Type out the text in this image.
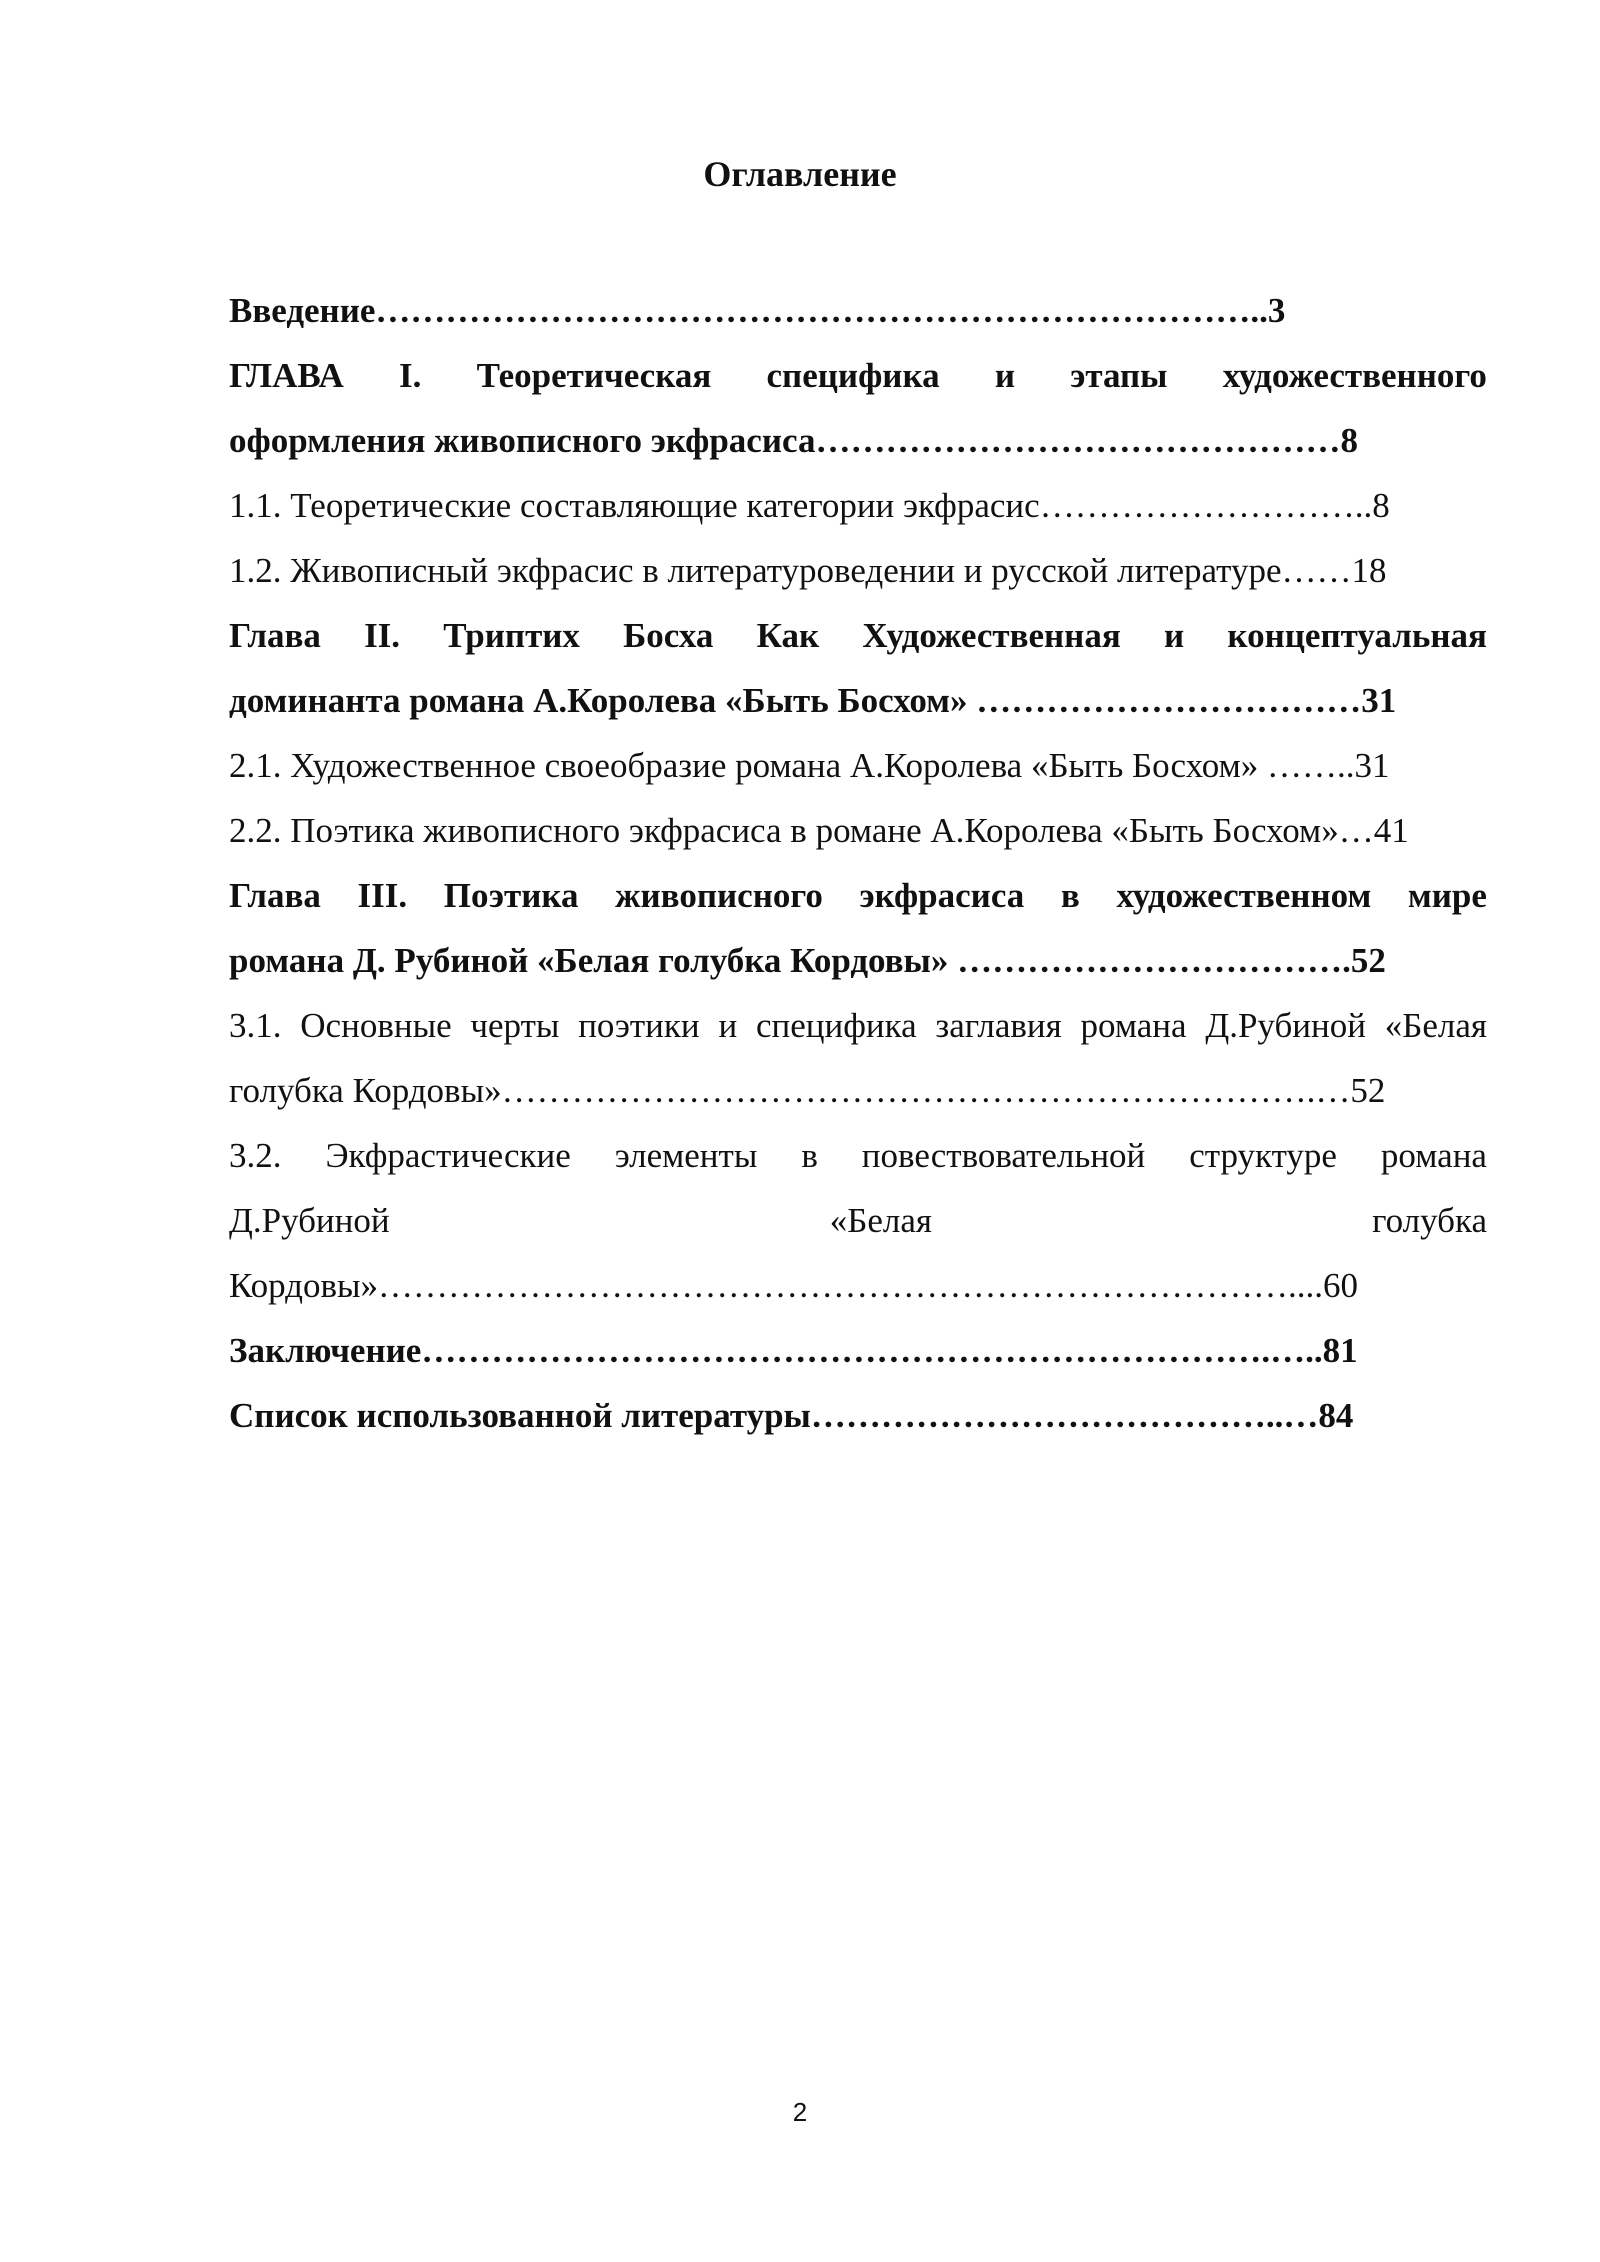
Оглавление
Введение…………………………………………………………………..3
ГЛАВА I. Теоретическая специфика и этапы художественного
оформления живописного экфрасиса………………………………………8
1.1. Теоретические составляющие категории экфрасис………………………..8
1.2. Живописный экфрасис в литературоведении и русской литературе……18
Глава II. Триптих Босха Как Художественная и концептуальная
доминанта романа А.Королева «Быть Босхом» ……………………………31
2.1. Художественное своеобразие романа А.Королева «Быть Босхом» ……..31
2.2. Поэтика живописного экфрасиса в романе А.Королева «Быть Босхом»…41
Глава III. Поэтика живописного экфрасиса в художественном мире
романа Д. Рубиной «Белая голубка Кордовы» …………………………….52
3.1. Основные черты поэтики и специфика заглавия романа Д.Рубиной «Белая
голубка Кордовы»…………………………………………………………….…52
3.2. Экфрастические элементы в повествовательной структуре романа
Д.Рубиной	«Белая	голубка
Кордовы»……………………………………………………………………....60
Заключение……………………………………………………………….…..81
Список использованной литературы…………………………………..…84
2
